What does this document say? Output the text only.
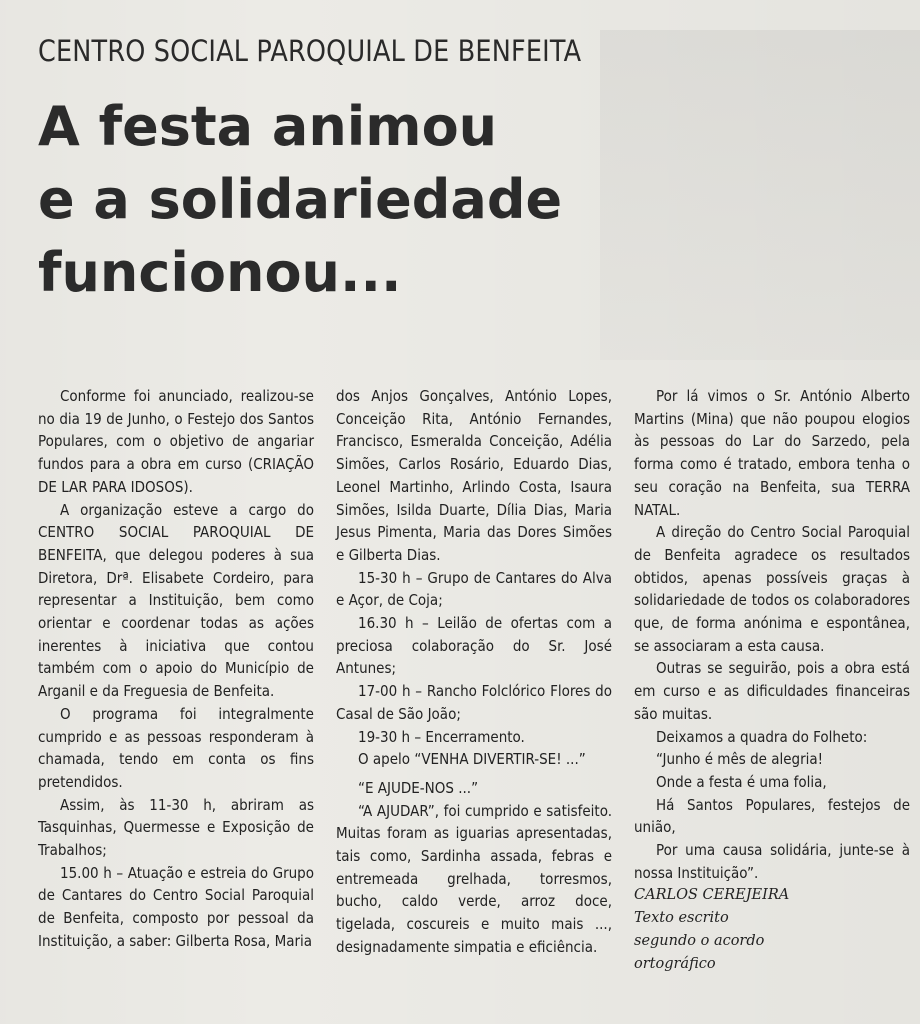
CENTRO SOCIAL PAROQUIAL DE BENFEITA
A festa animou
e a solidariedade
funcionou...

Conforme foi anunciado, realizou-se no dia 19 de Junho, o Festejo dos Santos Populares, com o objetivo de angariar fundos para a obra em curso (CRIAÇÃO DE LAR PARA IDOSOS).

A organização esteve a cargo do CENTRO SOCIAL PAROQUIAL DE BENFEITA, que delegou poderes à sua Diretora, Drª. Elisabete Cordeiro, para representar a Instituição, bem como orientar e coordenar todas as ações inerentes à iniciativa que contou também com o apoio do Município de Arganil e da Freguesia de Benfeita.

O programa foi integralmente cumprido e as pessoas responderam à chamada, tendo em conta os fins pretendidos.

Assim, às 11-30 h, abriram as Tasquinhas, Quermesse e Exposição de Trabalhos;

15.00 h – Atuação e estreia do Grupo de Cantares do Centro Social Paroquial de Benfeita, composto por pessoal da Instituição, a saber: Gilberta Rosa, Maria

dos Anjos Gonçalves, António Lopes, Conceição Rita, António Fernandes, Francisco, Esmeralda Conceição, Adélia Simões, Carlos Rosário, Eduardo Dias, Leonel Martinho, Arlindo Costa, Isaura Simões, Isilda Duarte, Dília Dias, Maria Jesus Pimenta, Maria das Dores Simões e Gilberta Dias.

15-30 h – Grupo de Cantares do Alva e Açor, de Coja;

16.30 h – Leilão de ofertas com a preciosa colaboração do Sr. José Antunes;

17-00 h – Rancho Folclórico Flores do Casal de São João;

19-30 h – Encerramento.

O apelo “VENHA DIVERTIR-SE! ...”

“E AJUDE-NOS ...”

“A AJUDAR”, foi cumprido e satisfeito. Muitas foram as iguarias apresentadas, tais como, Sardinha assada, febras e entremeada grelhada, torresmos, bucho, caldo verde, arroz doce, tigelada, coscureis e muito mais ..., designadamente simpatia e eficiência.

Por lá vimos o Sr. António Alberto Martins (Mina) que não poupou elogios às pessoas do Lar do Sarzedo, pela forma como é tratado, embora tenha o seu coração na Benfeita, sua TERRA NATAL.

A direção do Centro Social Paroquial de Benfeita agradece os resultados obtidos, apenas possíveis graças à solidariedade de todos os colaboradores que, de forma anónima e espontânea, se associaram a esta causa.

Outras se seguirão, pois a obra está em curso e as dificuldades financeiras são muitas.

Deixamos a quadra do Folheto:

“Junho é mês de alegria!

Onde a festa é uma folia,

Há Santos Populares, festejos de união,

Por uma causa solidária, junte-se à nossa Instituição”.

CARLOS CEREJEIRA

Texto escrito segundo o acordo ortográfico
